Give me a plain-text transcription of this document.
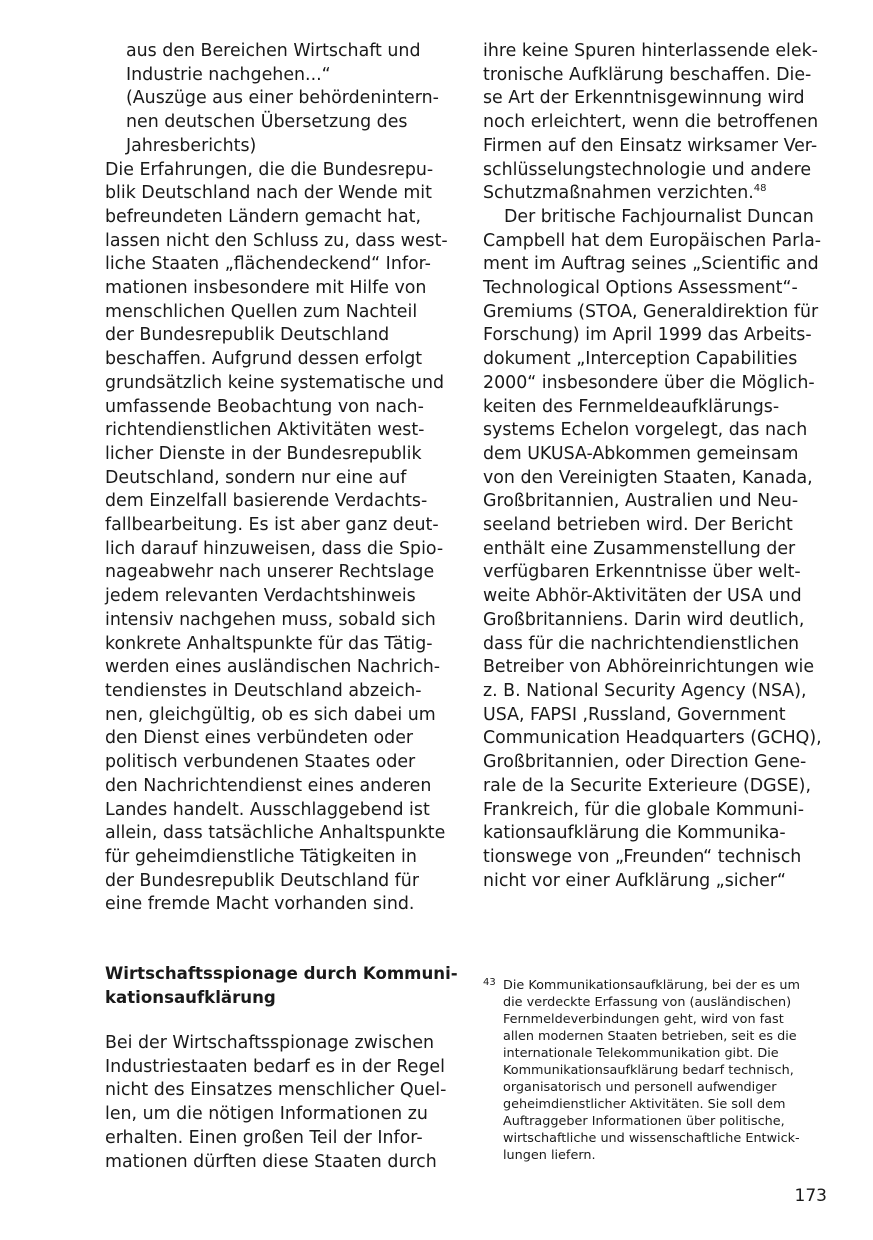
aus den Bereichen Wirtschaft und
Industrie nachgehen...“
(Auszüge aus einer behördenintern-
nen deutschen Übersetzung des
Jahresberichts)
Die Erfahrungen, die die Bundesrepu-
blik Deutschland nach der Wende mit
befreundeten Ländern gemacht hat,
lassen nicht den Schluss zu, dass west-
liche Staaten „flächendeckend“ Infor-
mationen insbesondere mit Hilfe von
menschlichen Quellen zum Nachteil
der Bundesrepublik Deutschland
beschaffen. Aufgrund dessen erfolgt
grundsätzlich keine systematische und
umfassende Beobachtung von nach-
richtendienstlichen Aktivitäten west-
licher Dienste in der Bundesrepublik
Deutschland, sondern nur eine auf
dem Einzelfall basierende Verdachts-
fallbearbeitung. Es ist aber ganz deut-
lich darauf hinzuweisen, dass die Spio-
nageabwehr nach unserer Rechtslage
jedem relevanten Verdachtshinweis
intensiv nachgehen muss, sobald sich
konkrete Anhaltspunkte für das Tätig-
werden eines ausländischen Nachrich-
tendienstes in Deutschland abzeich-
nen, gleichgültig, ob es sich dabei um
den Dienst eines verbündeten oder
politisch verbundenen Staates oder
den Nachrichtendienst eines anderen
Landes handelt. Ausschlaggebend ist
allein, dass tatsächliche Anhaltspunkte
für geheimdienstliche Tätigkeiten in
der Bundesrepublik Deutschland für
eine fremde Macht vorhanden sind.
Wirtschaftsspionage durch Kommuni-
kationsaufklärung
Bei der Wirtschaftsspionage zwischen
Industriestaaten bedarf es in der Regel
nicht des Einsatzes menschlicher Quel-
len, um die nötigen Informationen zu
erhalten. Einen großen Teil der Infor-
mationen dürften diese Staaten durch
ihre keine Spuren hinterlassende elek-
tronische Aufklärung beschaffen. Die-
se Art der Erkenntnisgewinnung wird
noch erleichtert, wenn die betroffenen
Firmen auf den Einsatz wirksamer Ver-
schlüsselungstechnologie und andere
Schutzmaßnahmen verzichten.$^{48}$
Der britische Fachjournalist Duncan
Campbell hat dem Europäischen Parla-
ment im Auftrag seines „Scientific and
Technological Options Assessment“-
Gremiums (STOA, Generaldirektion für
Forschung) im April 1999 das Arbeits-
dokument „Interception Capabilities
2000“ insbesondere über die Möglich-
keiten des Fernmeldeaufklärungs-
systems Echelon vorgelegt, das nach
dem UKUSA-Abkommen gemeinsam
von den Vereinigten Staaten, Kanada,
Großbritannien, Australien und Neu-
seeland betrieben wird. Der Bericht
enthält eine Zusammenstellung der
verfügbaren Erkenntnisse über welt-
weite Abhör-Aktivitäten der USA und
Großbritanniens. Darin wird deutlich,
dass für die nachrichtendienstlichen
Betreiber von Abhöreinrichtungen wie
z. B. National Security Agency (NSA),
USA, FAPSI ,Russland, Government
Communication Headquarters (GCHQ),
Großbritannien, oder Direction Gene-
rale de la Securite Exterieure (DGSE),
Frankreich, für die globale Kommuni-
kationsaufklärung die Kommunika-
tionswege von „Freunden“ technisch
nicht vor einer Aufklärung „sicher“
43 Die Kommunikationsaufklärung, bei der es um
die verdeckte Erfassung von (ausländischen)
Fernmeldeverbindungen geht, wird von fast
allen modernen Staaten betrieben, seit es die
internationale Telekommunikation gibt. Die
Kommunikationsaufklärung bedarf technisch,
organisatorisch und personell aufwendiger
geheimdienstlicher Aktivitäten. Sie soll dem
Auftraggeber Informationen über politische,
wirtschaftliche und wissenschaftliche Entwick-
lungen liefern.
173
